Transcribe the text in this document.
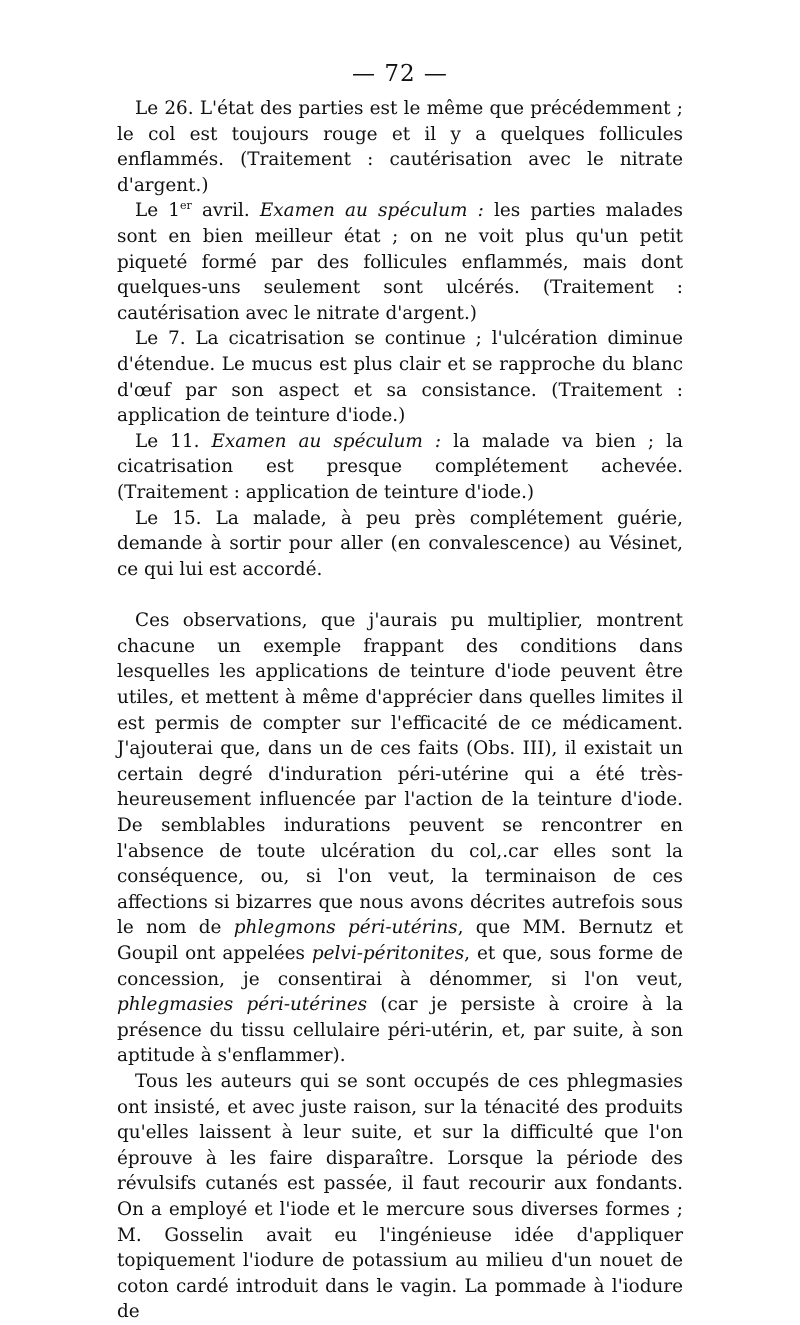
— 72 —

Le 26. L'état des parties est le même que précédemment ; le col est toujours rouge et il y a quelques follicules enflammés. (Traitement : cautérisation avec le nitrate d'argent.)

Le 1er avril. Examen au spéculum : les parties malades sont en bien meilleur état ; on ne voit plus qu'un petit piqueté formé par des follicules enflammés, mais dont quelques-uns seulement sont ulcérés. (Traitement : cautérisation avec le nitrate d'argent.)

Le 7. La cicatrisation se continue ; l'ulcération diminue d'étendue. Le mucus est plus clair et se rapproche du blanc d'œuf par son aspect et sa consistance. (Traitement : application de teinture d'iode.)

Le 11. Examen au spéculum : la malade va bien ; la cicatrisation est presque complétement achevée. (Traitement : application de teinture d'iode.)

Le 15. La malade, à peu près complétement guérie, demande à sortir pour aller (en convalescence) au Vésinet, ce qui lui est accordé.

Ces observations, que j'aurais pu multiplier, montrent chacune un exemple frappant des conditions dans lesquelles les applications de teinture d'iode peuvent être utiles, et mettent à même d'apprécier dans quelles limites il est permis de compter sur l'efficacité de ce médicament. J'ajouterai que, dans un de ces faits (Obs. III), il existait un certain degré d'induration péri-utérine qui a été très-heureusement influencée par l'action de la teinture d'iode. De semblables indurations peuvent se rencontrer en l'absence de toute ulcération du col,.car elles sont la conséquence, ou, si l'on veut, la terminaison de ces affections si bizarres que nous avons décrites autrefois sous le nom de phlegmons péri-utérins, que MM. Bernutz et Goupil ont appelées pelvi-péritonites, et que, sous forme de concession, je consentirai à dénommer, si l'on veut, phlegmasies péri-utérines (car je persiste à croire à la présence du tissu cellulaire péri-utérin, et, par suite, à son aptitude à s'enflammer).

Tous les auteurs qui se sont occupés de ces phlegmasies ont insisté, et avec juste raison, sur la ténacité des produits qu'elles laissent à leur suite, et sur la difficulté que l'on éprouve à les faire disparaître. Lorsque la période des révulsifs cutanés est passée, il faut recourir aux fondants. On a employé et l'iode et le mercure sous diverses formes ; M. Gosselin avait eu l'ingénieuse idée d'appliquer topiquement l'iodure de potassium au milieu d'un nouet de coton cardé introduit dans le vagin. La pommade à l'iodure de
